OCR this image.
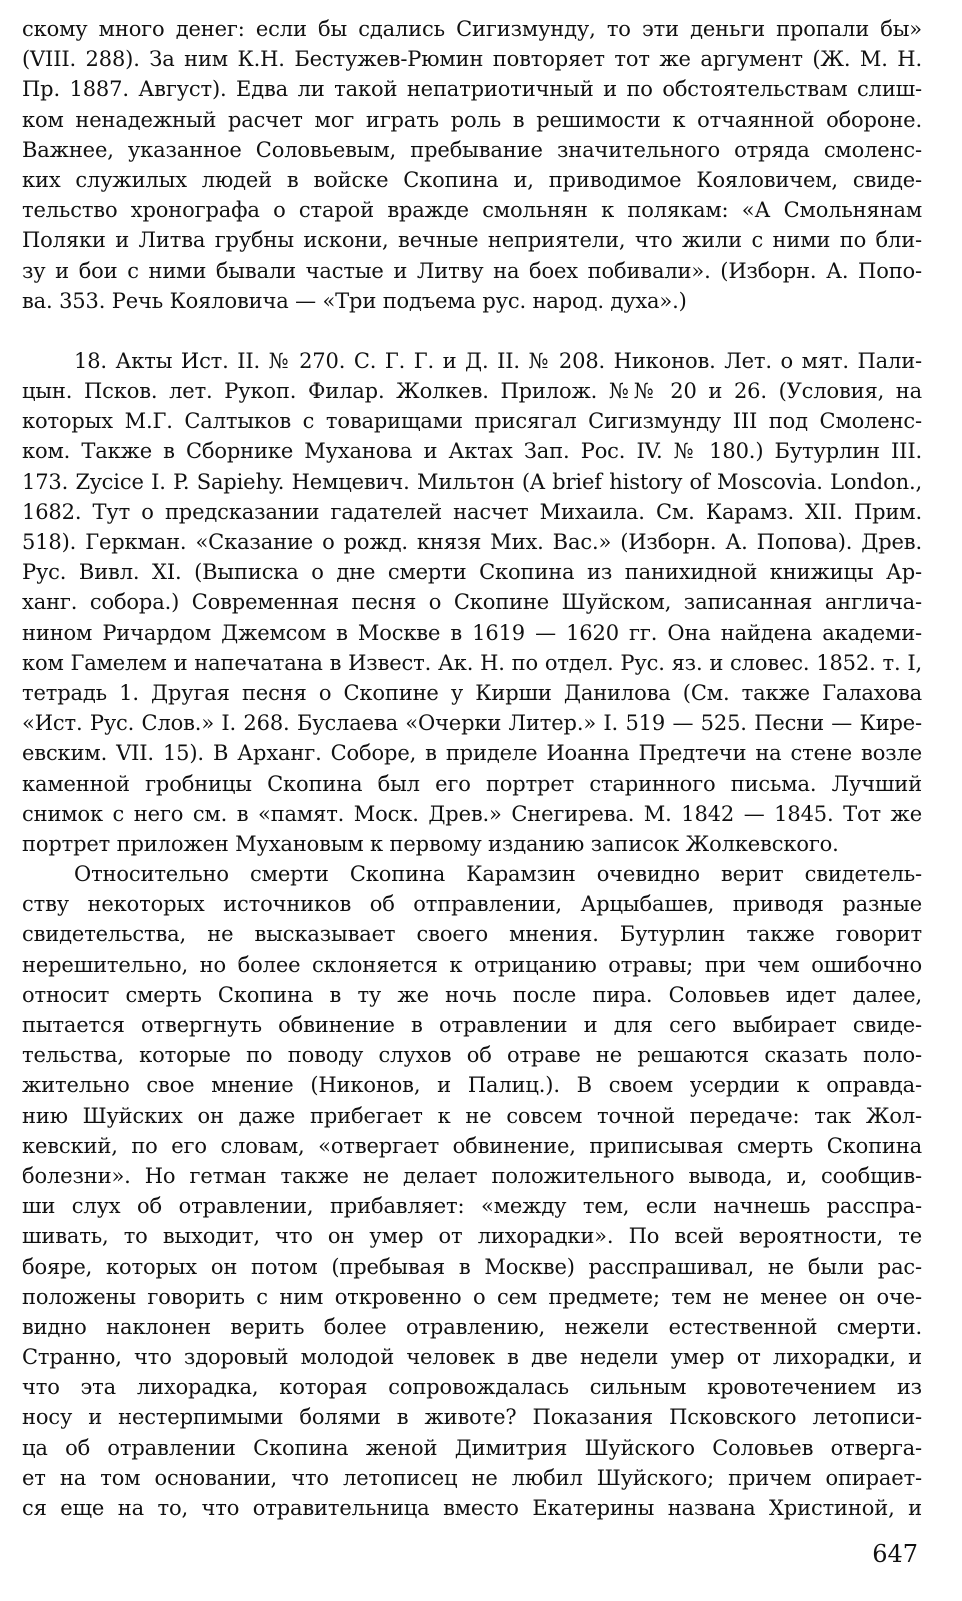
скому много денег: если бы сдались Сигизмунду, то эти деньги пропали бы»
(VIII. 288). За ним К.Н. Бестужев-Рюмин повторяет тот же аргумент (Ж. М. Н.
Пр. 1887. Август). Едва ли такой непатриотичный и по обстоятельствам слиш-
ком ненадежный расчет мог играть роль в решимости к отчаянной обороне.
Важнее, указанное Соловьевым, пребывание значительного отряда смоленс-
ких служилых людей в войске Скопина и, приводимое Кояловичем, свиде-
тельство хронографа о старой вражде смольнян к полякам: «А Смольнянам
Поляки и Литва грубны искони, вечные неприятели, что жили с ними по бли-
зу и бои с ними бывали частые и Литву на боех побивали». (Изборн. А. Попо-
ва. 353. Речь Кояловича — «Три подъема рус. народ. духа».)
18. Акты Ист. II. № 270. С. Г. Г. и Д. II. № 208. Никонов. Лет. о мят. Пали-
цын. Псков. лет. Рукоп. Филар. Жолкев. Прилож. №№ 20 и 26. (Условия, на
которых М.Г. Салтыков с товарищами присягал Сигизмунду III под Смоленс-
ком. Также в Сборнике Муханова и Актах Зап. Рос. IV. № 180.) Бутурлин III.
173. Zycice I. P. Sapiehy. Немцевич. Мильтон (A brief history of Moscovia. London.,
1682. Тут о предсказании гадателей насчет Михаила. См. Карамз. XII. Прим.
518). Геркман. «Сказание о рожд. князя Мих. Вас.» (Изборн. А. Попова). Древ.
Рус. Вивл. XI. (Выписка о дне смерти Скопина из панихидной книжицы Ар-
ханг. собора.) Современная песня о Скопине Шуйском, записанная англича-
нином Ричардом Джемсом в Москве в 1619 — 1620 гг. Она найдена академи-
ком Гамелем и напечатана в Извест. Ак. Н. по отдел. Рус. яз. и словес. 1852. т. I,
тетрадь 1. Другая песня о Скопине у Кирши Данилова (См. также Галахова
«Ист. Рус. Слов.» I. 268. Буслаева «Очерки Литер.» I. 519 — 525. Песни — Кире-
евским. VII. 15). В Арханг. Соборе, в приделе Иоанна Предтечи на стене возле
каменной гробницы Скопина был его портрет старинного письма. Лучший
снимок с него см. в «памят. Моск. Древ.» Снегирева. М. 1842 — 1845. Тот же
портрет приложен Мухановым к первому изданию записок Жолкевского.
Относительно смерти Скопина Карамзин очевидно верит свидетель-
ству некоторых источников об отправлении, Арцыбашев, приводя разные
свидетельства, не высказывает своего мнения. Бутурлин также говорит
нерешительно, но более склоняется к отрицанию отравы; при чем ошибочно
относит смерть Скопина в ту же ночь после пира. Соловьев идет далее,
пытается отвергнуть обвинение в отравлении и для сего выбирает свиде-
тельства, которые по поводу слухов об отраве не решаются сказать поло-
жительно свое мнение (Никонов, и Палиц.). В своем усердии к оправда-
нию Шуйских он даже прибегает к не совсем точной передаче: так Жол-
кевский, по его словам, «отвергает обвинение, приписывая смерть Скопина
болезни». Но гетман также не делает положительного вывода, и, сообщив-
ши слух об отравлении, прибавляет: «между тем, если начнешь расспра-
шивать, то выходит, что он умер от лихорадки». По всей вероятности, те
бояре, которых он потом (пребывая в Москве) расспрашивал, не были рас-
положены говорить с ним откровенно о сем предмете; тем не менее он оче-
видно наклонен верить более отравлению, нежели естественной смерти.
Странно, что здоровый молодой человек в две недели умер от лихорадки, и
что эта лихорадка, которая сопровождалась сильным кровотечением из
носу и нестерпимыми болями в животе? Показания Псковского летописи-
ца об отравлении Скопина женой Димитрия Шуйского Соловьев отверга-
ет на том основании, что летописец не любил Шуйского; причем опирает-
ся еще на то, что отравительница вместо Екатерины названа Христиной, и
647
